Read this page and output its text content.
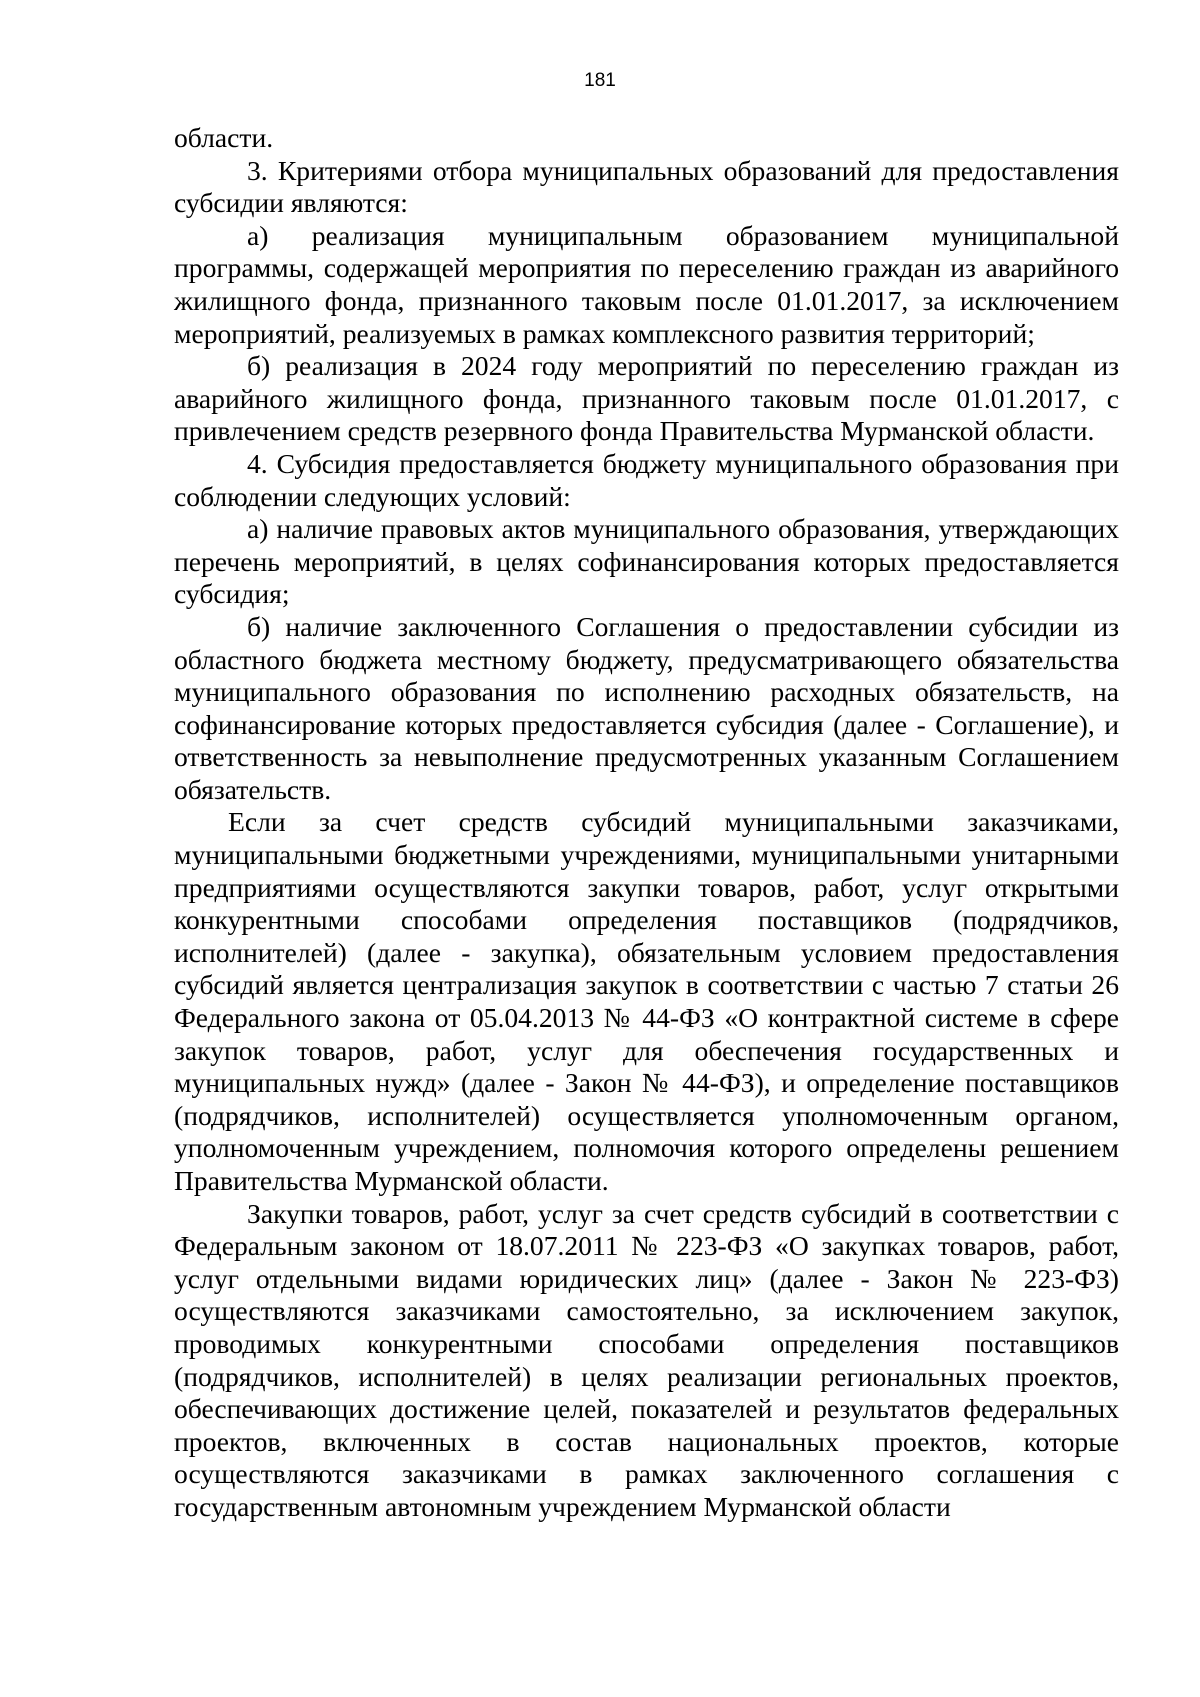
181

области.

3. Критериями отбора муниципальных образований для предоставления субсидии являются:

а) реализация муниципальным образованием муниципальной программы, содержащей мероприятия по переселению граждан из аварийного жилищного фонда, признанного таковым после 01.01.2017, за исключением мероприятий, реализуемых в рамках комплексного развития территорий;

б) реализация в 2024 году мероприятий по переселению граждан из аварийного жилищного фонда, признанного таковым после 01.01.2017, с привлечением средств резервного фонда Правительства Мурманской области.

4. Субсидия предоставляется бюджету муниципального образования при соблюдении следующих условий:

а) наличие правовых актов муниципального образования, утверждающих перечень мероприятий, в целях софинансирования которых предоставляется субсидия;

б) наличие заключенного Соглашения о предоставлении субсидии из областного бюджета местному бюджету, предусматривающего обязательства муниципального образования по исполнению расходных обязательств, на софинансирование которых предоставляется субсидия (далее - Соглашение), и ответственность за невыполнение предусмотренных указанным Соглашением обязательств.

Если за счет средств субсидий муниципальными заказчиками, муниципальными бюджетными учреждениями, муниципальными унитарными предприятиями осуществляются закупки товаров, работ, услуг открытыми конкурентными способами определения поставщиков (подрядчиков, исполнителей) (далее - закупка), обязательным условием предоставления субсидий является централизация закупок в соответствии с частью 7 статьи 26 Федерального закона от 05.04.2013 № 44-ФЗ «О контрактной системе в сфере закупок товаров, работ, услуг для обеспечения государственных и муниципальных нужд» (далее - Закон № 44-ФЗ), и определение поставщиков (подрядчиков, исполнителей) осуществляется уполномоченным органом, уполномоченным учреждением, полномочия которого определены решением Правительства Мурманской области.

Закупки товаров, работ, услуг за счет средств субсидий в соответствии с Федеральным законом от 18.07.2011 № 223-ФЗ «О закупках товаров, работ, услуг отдельными видами юридических лиц» (далее - Закон № 223-ФЗ) осуществляются заказчиками самостоятельно, за исключением закупок, проводимых конкурентными способами определения поставщиков (подрядчиков, исполнителей) в целях реализации региональных проектов, обеспечивающих достижение целей, показателей и результатов федеральных проектов, включенных в состав национальных проектов, которые осуществляются заказчиками в рамках заключенного соглашения с государственным автономным учреждением Мурманской области
